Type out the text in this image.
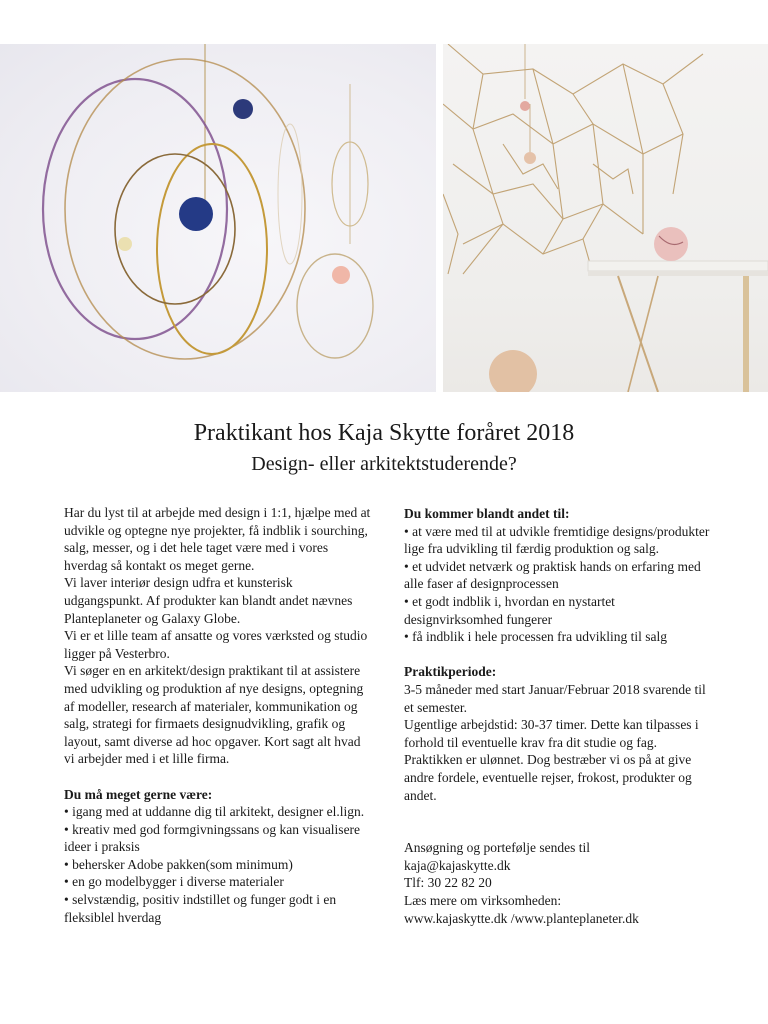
Praktikant hos Kaja Skytte foråret 2018
Design- eller arkitektstuderende?

Har du lyst til at arbejde med design i 1:1, hjælpe med at udvikle og optegne nye projekter, få indblik i sourching, salg, messer, og i det hele taget være med i vores hverdag så kontakt os meget gerne.

Vi laver interiør design udfra et kunsterisk udgangspunkt. Af produkter kan blandt andet nævnes Planteplaneter og Galaxy Globe.

Vi er et lille team af ansatte og vores værksted og studio ligger på Vesterbro.

Vi søger en en arkitekt/design praktikant til at assistere med udvikling og produktion af nye designs, optegning af modeller, research af materialer, kommunikation og salg, strategi for firmaets designudvikling, grafik og layout, samt diverse ad hoc opgaver. Kort sagt alt hvad vi arbejder med i et lille firma.

Du må meget gerne være:

• igang med at uddanne dig til arkitekt, designer el.lign.

• kreativ med god formgivningssans og kan visualisere ideer i praksis

• behersker Adobe pakken(som minimum)

• en go modelbygger i diverse materialer

• selvstændig, positiv indstillet og funger godt i en fleksiblel hverdag

Du kommer blandt andet til:

• at være med til at udvikle fremtidige designs/produkter lige fra udvikling til færdig produktion og salg.

• et udvidet netværk og praktisk hands on erfaring med alle faser af designprocessen

• et godt indblik i, hvordan en nystartet designvirksomhed fungerer

• få indblik i hele processen fra udvikling til salg

Praktikperiode:

3-5 måneder med start Januar/Februar 2018 svarende til et semester.

Ugentlige arbejdstid: 30-37 timer. Dette kan tilpasses i forhold til eventuelle krav fra dit studie og fag.

Praktikken er ulønnet. Dog bestræber vi os på at give andre fordele, eventuelle rejser, frokost, produkter og andet.

Ansøgning og portefølje sendes til

kaja@kajaskytte.dk

Tlf: 30 22 82 20

Læs mere om virksomheden:

www.kajaskytte.dk /www.planteplaneter.dk
